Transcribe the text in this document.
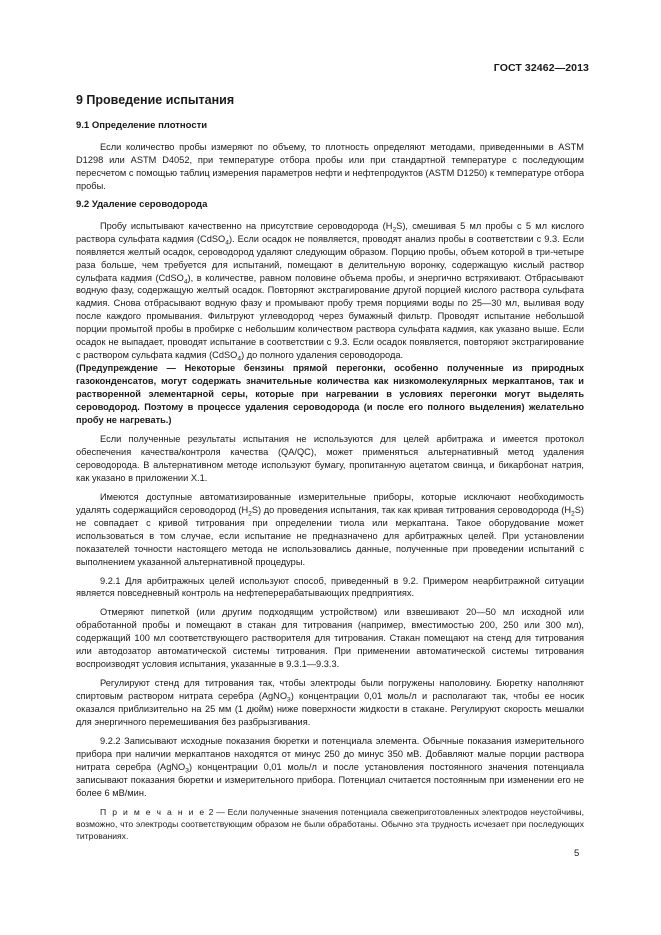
ГОСТ 32462—2013
9 Проведение испытания
9.1 Определение плотности

Если количество пробы измеряют по объему, то плотность определяют методами, приведенными в ASTM D1298 или ASTM D4052, при температуре отбора пробы или при стандартной температуре с последующим пересчетом с помощью таблиц измерения параметров нефти и нефтепродуктов (ASTM D1250) к температуре отбора пробы.

9.2 Удаление сероводорода

Пробу испытывают качественно на присутствие сероводорода $(H_2S)$, смешивая 5 мл пробы с 5 мл кислого раствора сульфата кадмия (CdSO$_4$). Если осадок не появляется, проводят анализ пробы в соответствии с 9.3. Если появляется желтый осадок, сероводород удаляют следующим образом. Порцию пробы, объем которой в три-четыре раза больше, чем требуется для испытаний, помещают в делительную воронку, содержащую кислый раствор сульфата кадмия (CdSO$_4$), в количестве, равном половине объема пробы, и энергично встряхивают. Отбрасывают водную фазу, содержащую желтый осадок. Повторяют экстрагирование другой порцией кислого раствора сульфата кадмия. Снова отбрасывают водную фазу и промывают пробу тремя порциями воды по 25—30 мл, выливая воду после каждого промывания. Фильтруют углеводород через бумажный фильтр. Проводят испытание небольшой порции промытой пробы в пробирке с небольшим количеством раствора сульфата кадмия, как указано выше. Если осадок не выпадает, проводят испытание в соответствии с 9.3. Если осадок появляется, повторяют экстрагирование с раствором сульфата кадмия (CdSO$_4$) до полного удаления сероводорода.

(Предупреждение — Некоторые бензины прямой перегонки, особенно полученные из природных газоконденсатов, могут содержать значительные количества как низкомолекулярных меркаптанов, так и растворенной элементарной серы, которые при нагревании в условиях перегонки могут выделять сероводород. Поэтому в процессе удаления сероводорода (и после его полного выделения) желательно пробу не нагревать.)

Если полученные результаты испытания не используются для целей арбитража и имеется протокол обеспечения качества/контроля качества (QA/QC), может применяться альтернативный метод удаления сероводорода. В альтернативном методе используют бумагу, пропитанную ацетатом свинца, и бикарбонат натрия, как указано в приложении X.1.

Имеются доступные автоматизированные измерительные приборы, которые исключают необходимость удалять содержащийся сероводород $(H_2S)$ до проведения испытания, так как кривая титрования сероводорода $(H_2S)$ не совпадает с кривой титрования при определении тиола или меркаптана. Такое оборудование может использоваться в том случае, если испытание не предназначено для арбитражных целей. При установлении показателей точности настоящего метода не использовались данные, полученные при проведении испытаний с выполнением указанной альтернативной процедуры.

9.2.1 Для арбитражных целей используют способ, приведенный в 9.2. Примером неарбитражной ситуации является повседневный контроль на нефтеперерабатывающих предприятиях.

Отмеряют пипеткой (или другим подходящим устройством) или взвешивают 20—50 мл исходной или обработанной пробы и помещают в стакан для титрования (например, вместимостью 200, 250 или 300 мл), содержащий 100 мл соответствующего растворителя для титрования. Стакан помещают на стенд для титрования или автодозатор автоматической системы титрования. При применении автоматической системы титрования воспроизводят условия испытания, указанные в 9.3.1—9.3.3.

Регулируют стенд для титрования так, чтобы электроды были погружены наполовину. Бюретку наполняют спиртовым раствором нитрата серебра (AgNO$_3$) концентрации 0,01 моль/л и располагают так, чтобы ее носик оказался приблизительно на 25 мм (1 дюйм) ниже поверхности жидкости в стакане. Регулируют скорость мешалки для энергичного перемешивания без разбрызгивания.

9.2.2 Записывают исходные показания бюретки и потенциала элемента. Обычные показания измерительного прибора при наличии меркаптанов находятся от минус 250 до минус 350 мВ. Добавляют малые порции раствора нитрата серебра (AgNO$_3$) концентрации 0,01 моль/л и после установления постоянного значения потенциала записывают показания бюретки и измерительного прибора. Потенциал считается постоянным при изменении его не более 6 мВ/мин.

П р и м е ч а н и е 2 — Если полученные значения потенциала свежеприготовленных электродов неустойчивы, возможно, что электроды соответствующим образом не были обработаны. Обычно эта трудность исчезает при последующих титрованиях.

5
